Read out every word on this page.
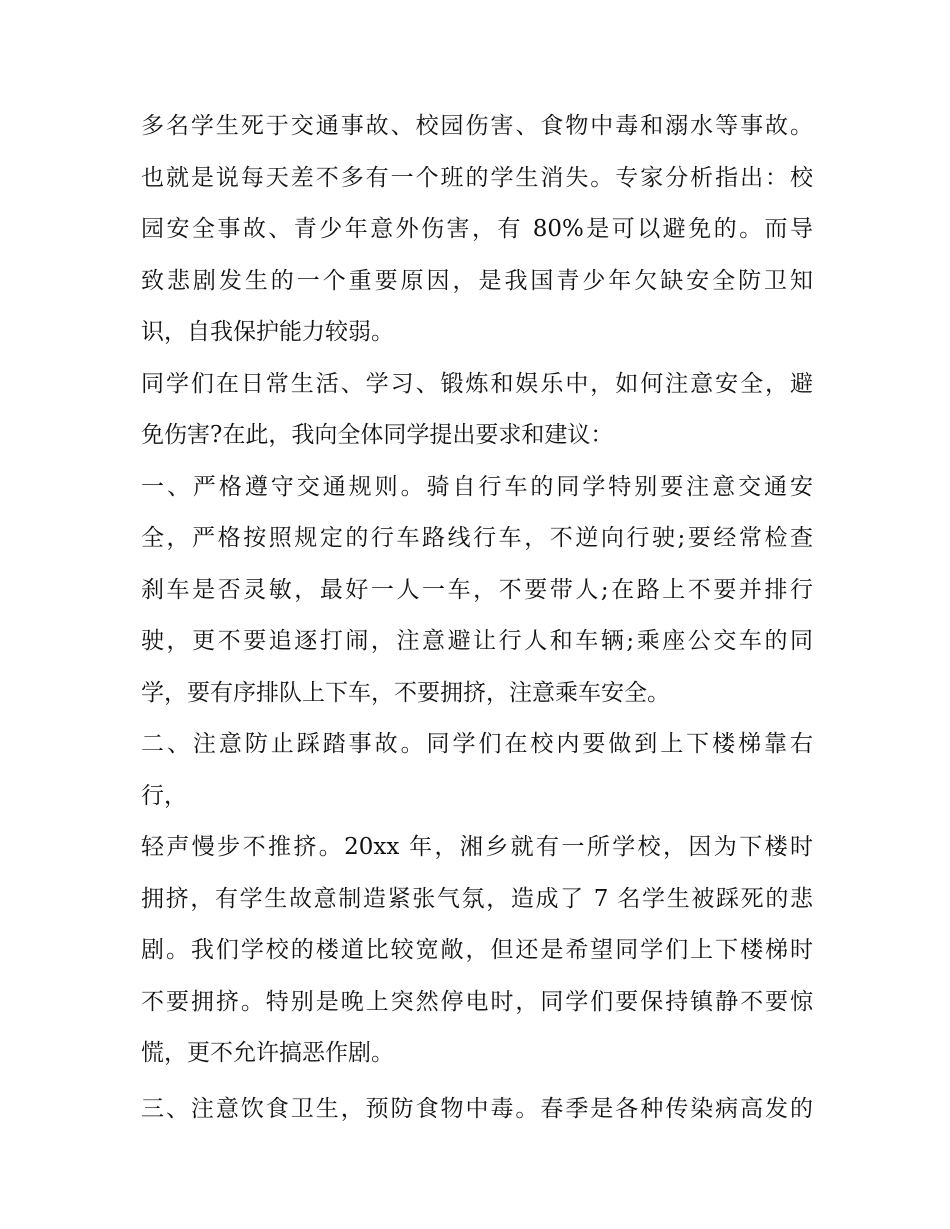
多名学生死于交通事故、校园伤害、食物中毒和溺水等事故。
也就是说每天差不多有一个班的学生消失。专家分析指出：校
园安全事故、青少年意外伤害，有 80%是可以避免的。而导
致悲剧发生的一个重要原因，是我国青少年欠缺安全防卫知
识，自我保护能力较弱。
同学们在日常生活、学习、锻炼和娱乐中，如何注意安全，避
免伤害?在此，我向全体同学提出要求和建议：
一、严格遵守交通规则。骑自行车的同学特别要注意交通安
全，严格按照规定的行车路线行车，不逆向行驶;要经常检查
刹车是否灵敏，最好一人一车，不要带人;在路上不要并排行
驶，更不要追逐打闹，注意避让行人和车辆;乘座公交车的同
学，要有序排队上下车，不要拥挤，注意乘车安全。
二、注意防止踩踏事故。同学们在校内要做到上下楼梯靠右
行，
轻声慢步不推挤。20xx 年，湘乡就有一所学校，因为下楼时
拥挤，有学生故意制造紧张气氛，造成了 7 名学生被踩死的悲
剧。我们学校的楼道比较宽敞，但还是希望同学们上下楼梯时
不要拥挤。特别是晚上突然停电时，同学们要保持镇静不要惊
慌，更不允许搞恶作剧。
三、注意饮食卫生，预防食物中毒。春季是各种传染病高发的
